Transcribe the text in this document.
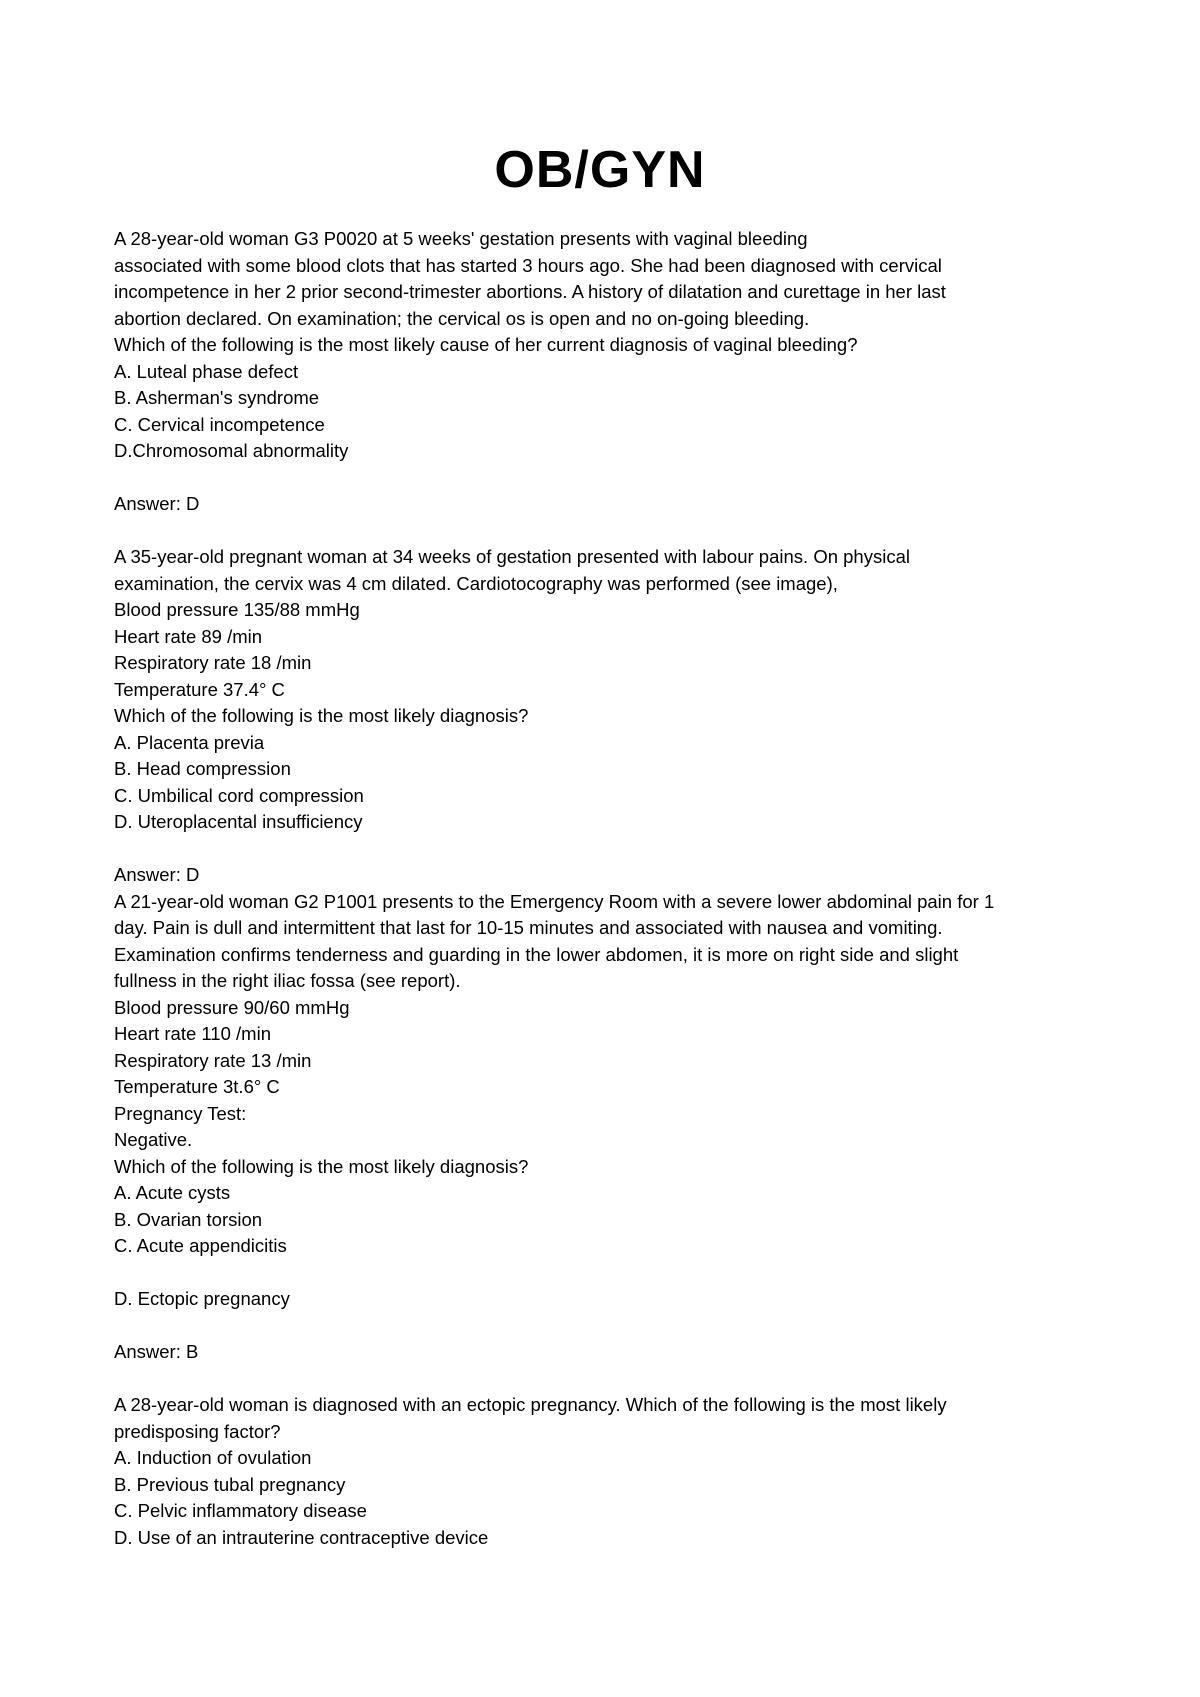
OB/GYN
A 28-year-old woman G3 P0020 at 5 weeks' gestation presents with vaginal bleeding
associated with some blood clots that has started 3 hours ago. She had been diagnosed with cervical
incompetence in her 2 prior second-trimester abortions. A history of dilatation and curettage in her last
abortion declared. On examination; the cervical os is open and no on-going bleeding.
Which of the following is the most likely cause of her current diagnosis of vaginal bleeding?
A. Luteal phase defect
B. Asherman's syndrome
C. Cervical incompetence
D.Chromosomal abnormality
Answer: D
A 35-year-old pregnant woman at 34 weeks of gestation presented with labour pains. On physical
examination, the cervix was 4 cm dilated. Cardiotocography was performed (see image),
Blood pressure 135/88 mmHg
Heart rate 89 /min
Respiratory rate 18 /min
Temperature 37.4° C
Which of the following is the most likely diagnosis?
A. Placenta previa
B. Head compression
C. Umbilical cord compression
D. Uteroplacental insufficiency
Answer: D
A 21-year-old woman G2 P1001 presents to the Emergency Room with a severe lower abdominal pain for 1
day. Pain is dull and intermittent that last for 10-15 minutes and associated with nausea and vomiting.
Examination confirms tenderness and guarding in the lower abdomen, it is more on right side and slight
fullness in the right iliac fossa (see report).
Blood pressure 90/60 mmHg
Heart rate 110 /min
Respiratory rate 13 /min
Temperature 3t.6° C
Pregnancy Test:
Negative.
Which of the following is the most likely diagnosis?
A. Acute cysts
B. Ovarian torsion
C. Acute appendicitis
D. Ectopic pregnancy
Answer: B
A 28-year-old woman is diagnosed with an ectopic pregnancy. Which of the following is the most likely
predisposing factor?
A. Induction of ovulation
B. Previous tubal pregnancy
C. Pelvic inflammatory disease
D. Use of an intrauterine contraceptive device
